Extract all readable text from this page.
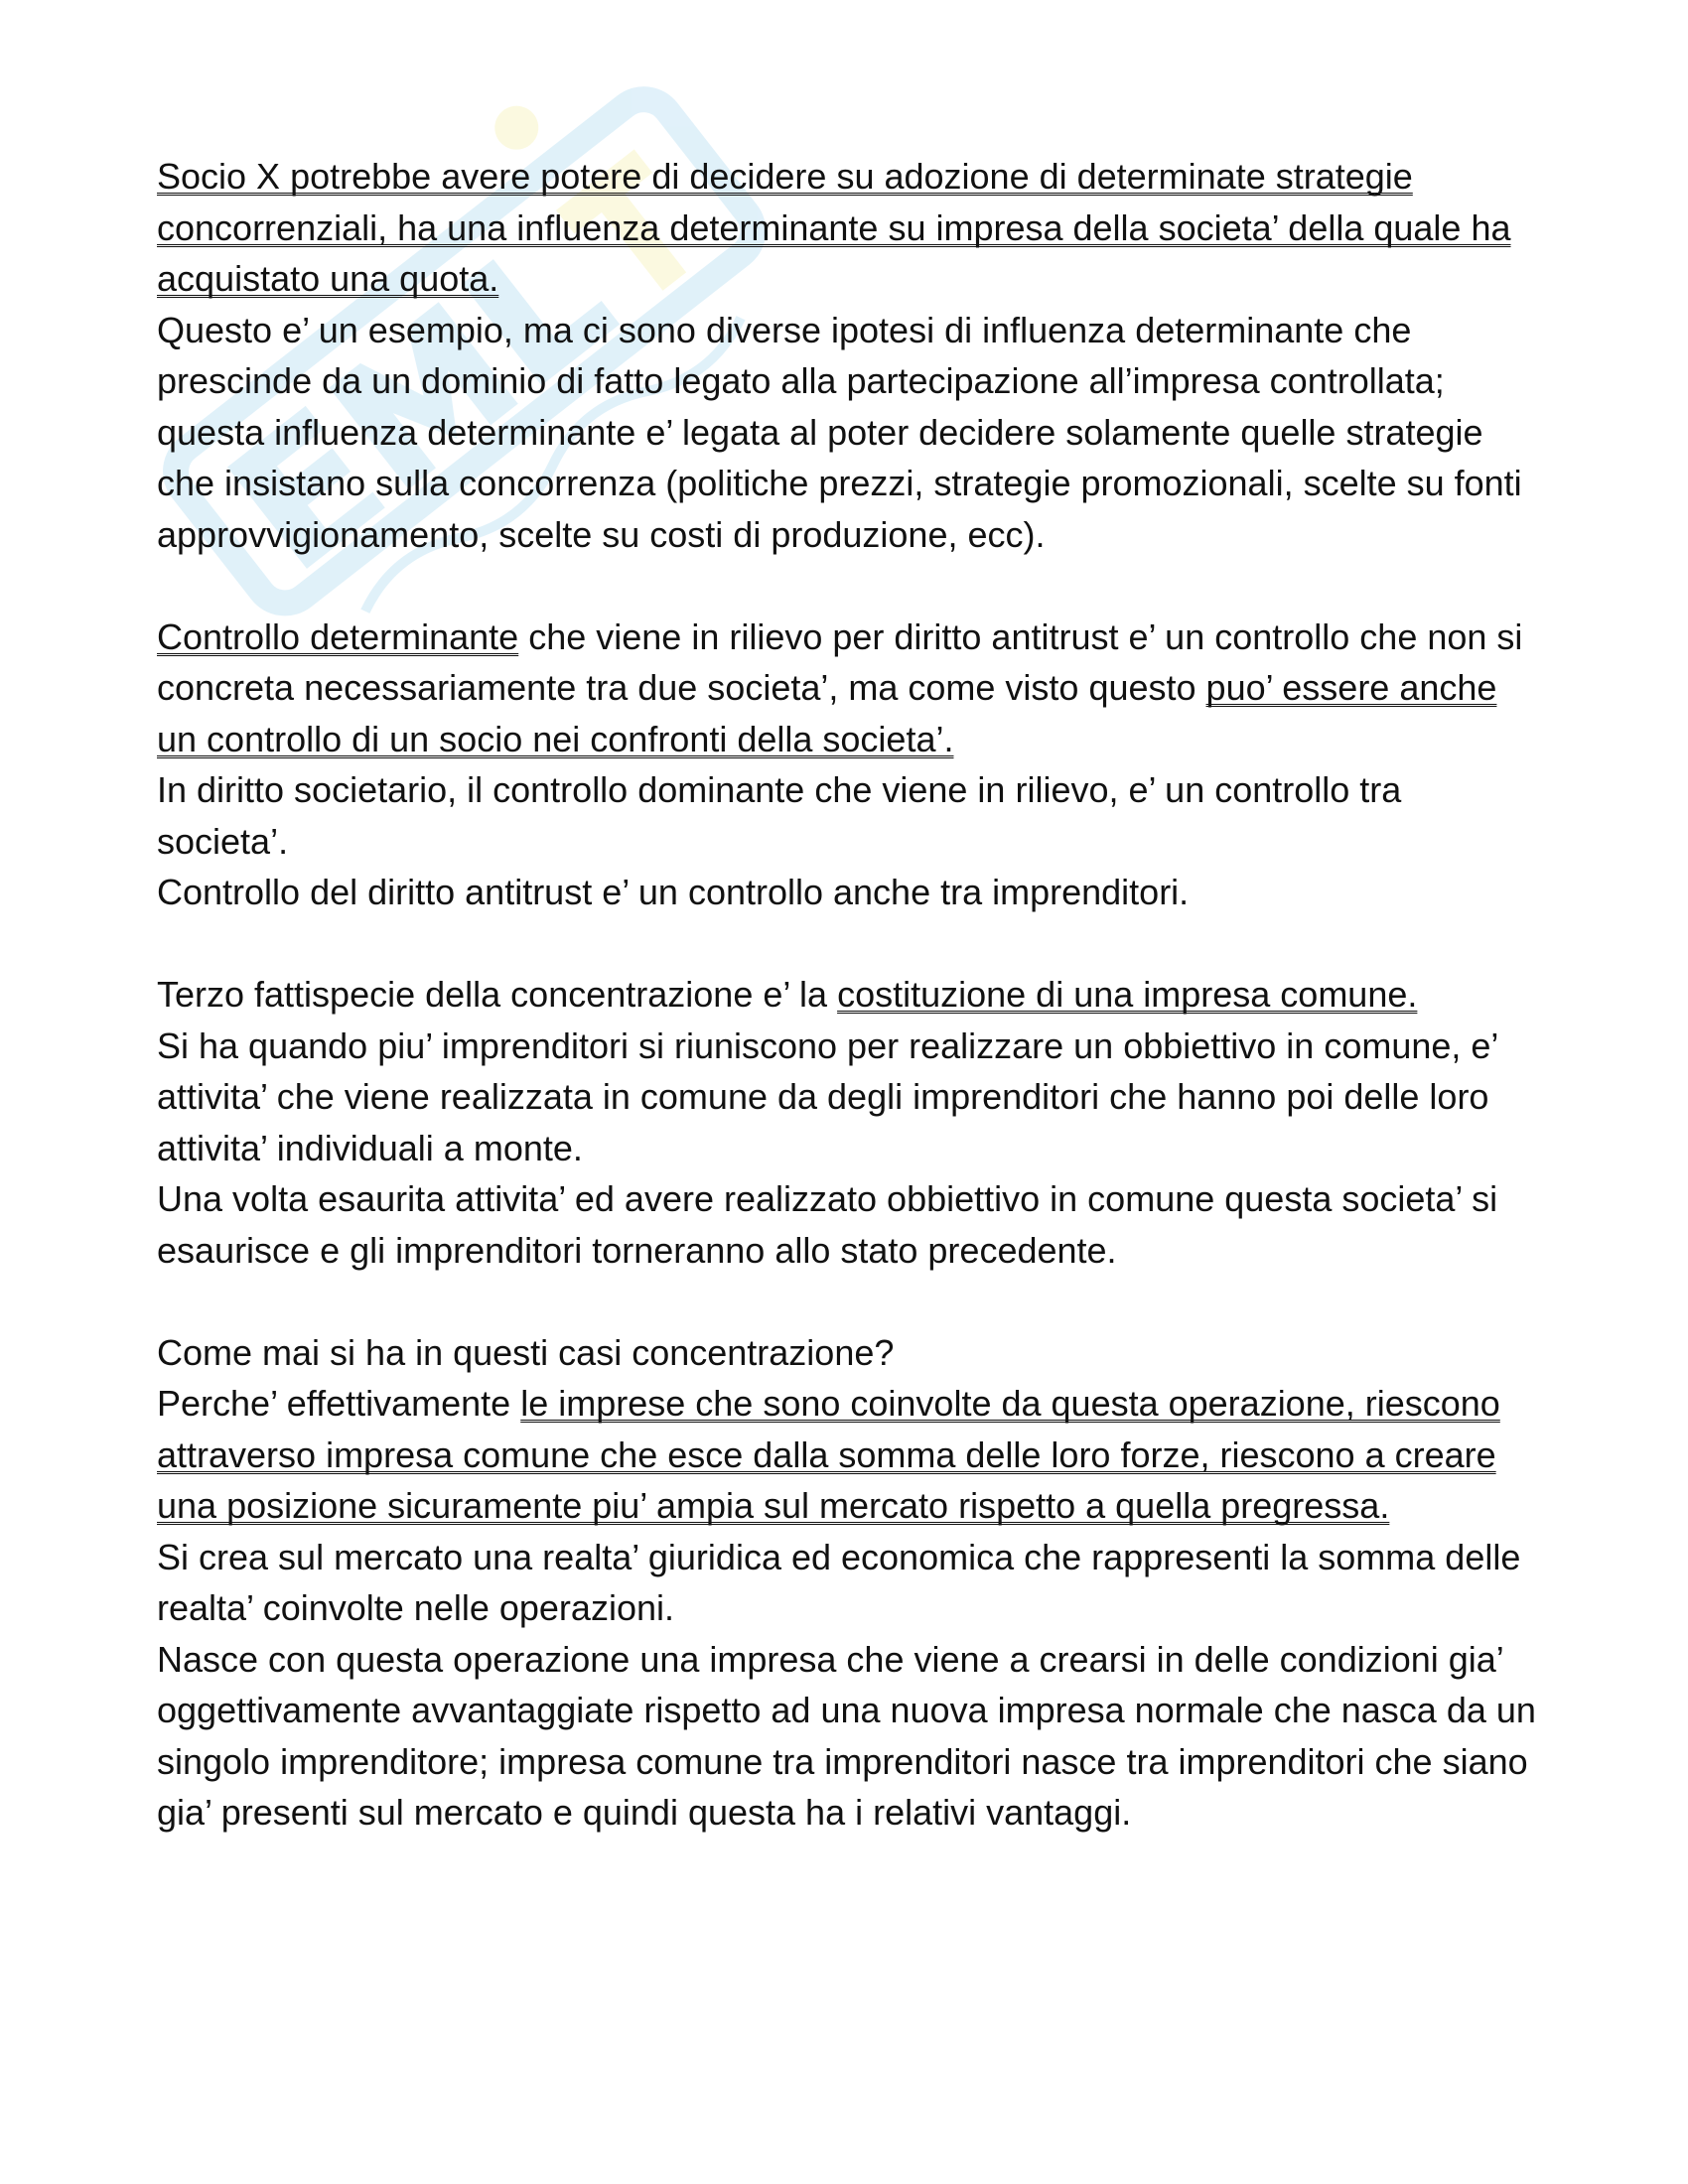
Socio X potrebbe avere potere di decidere su adozione di determinate strategie concorrenziali, ha una influenza determinante su impresa della societa’ della quale ha acquistato una quota.

Questo e’ un esempio, ma ci sono diverse ipotesi di influenza determinante che prescinde da un dominio di fatto legato alla partecipazione all’impresa controllata; questa influenza determinante e’ legata al poter decidere solamente quelle strategie che insistano sulla concorrenza (politiche prezzi, strategie promozionali, scelte su fonti approvvigionamento, scelte su costi di produzione, ecc).

Controllo determinante che viene in rilievo per diritto antitrust e’ un controllo che non si concreta necessariamente tra due societa’, ma come visto questo puo’ essere anche un controllo di un socio nei confronti della societa’.

In diritto societario, il controllo dominante che viene in rilievo, e’ un controllo tra societa’.

Controllo del diritto antitrust e’ un controllo anche tra imprenditori.

Terzo fattispecie della concentrazione e’ la costituzione di una impresa comune.

Si ha quando piu’ imprenditori si riuniscono per realizzare un obbiettivo in comune, e’ attivita’ che viene realizzata in comune da degli imprenditori che hanno poi delle loro attivita’ individuali a monte.

Una volta esaurita attivita’ ed avere realizzato obbiettivo in comune questa societa’ si esaurisce e gli imprenditori torneranno allo stato precedente.

Come mai si ha in questi casi concentrazione?

Perche’ effettivamente le imprese che sono coinvolte da questa operazione, riescono attraverso impresa comune che esce dalla somma delle loro forze, riescono a creare una posizione sicuramente piu’ ampia sul mercato rispetto a quella pregressa.

Si crea sul mercato una realta’ giuridica ed economica che rappresenti la somma delle realta’ coinvolte nelle operazioni.

Nasce con questa operazione una impresa che viene a crearsi in delle condizioni gia’ oggettivamente avvantaggiate rispetto ad una nuova impresa normale che nasca da un singolo imprenditore; impresa comune tra imprenditori nasce tra imprenditori che siano gia’ presenti sul mercato e quindi questa ha i relativi vantaggi.
